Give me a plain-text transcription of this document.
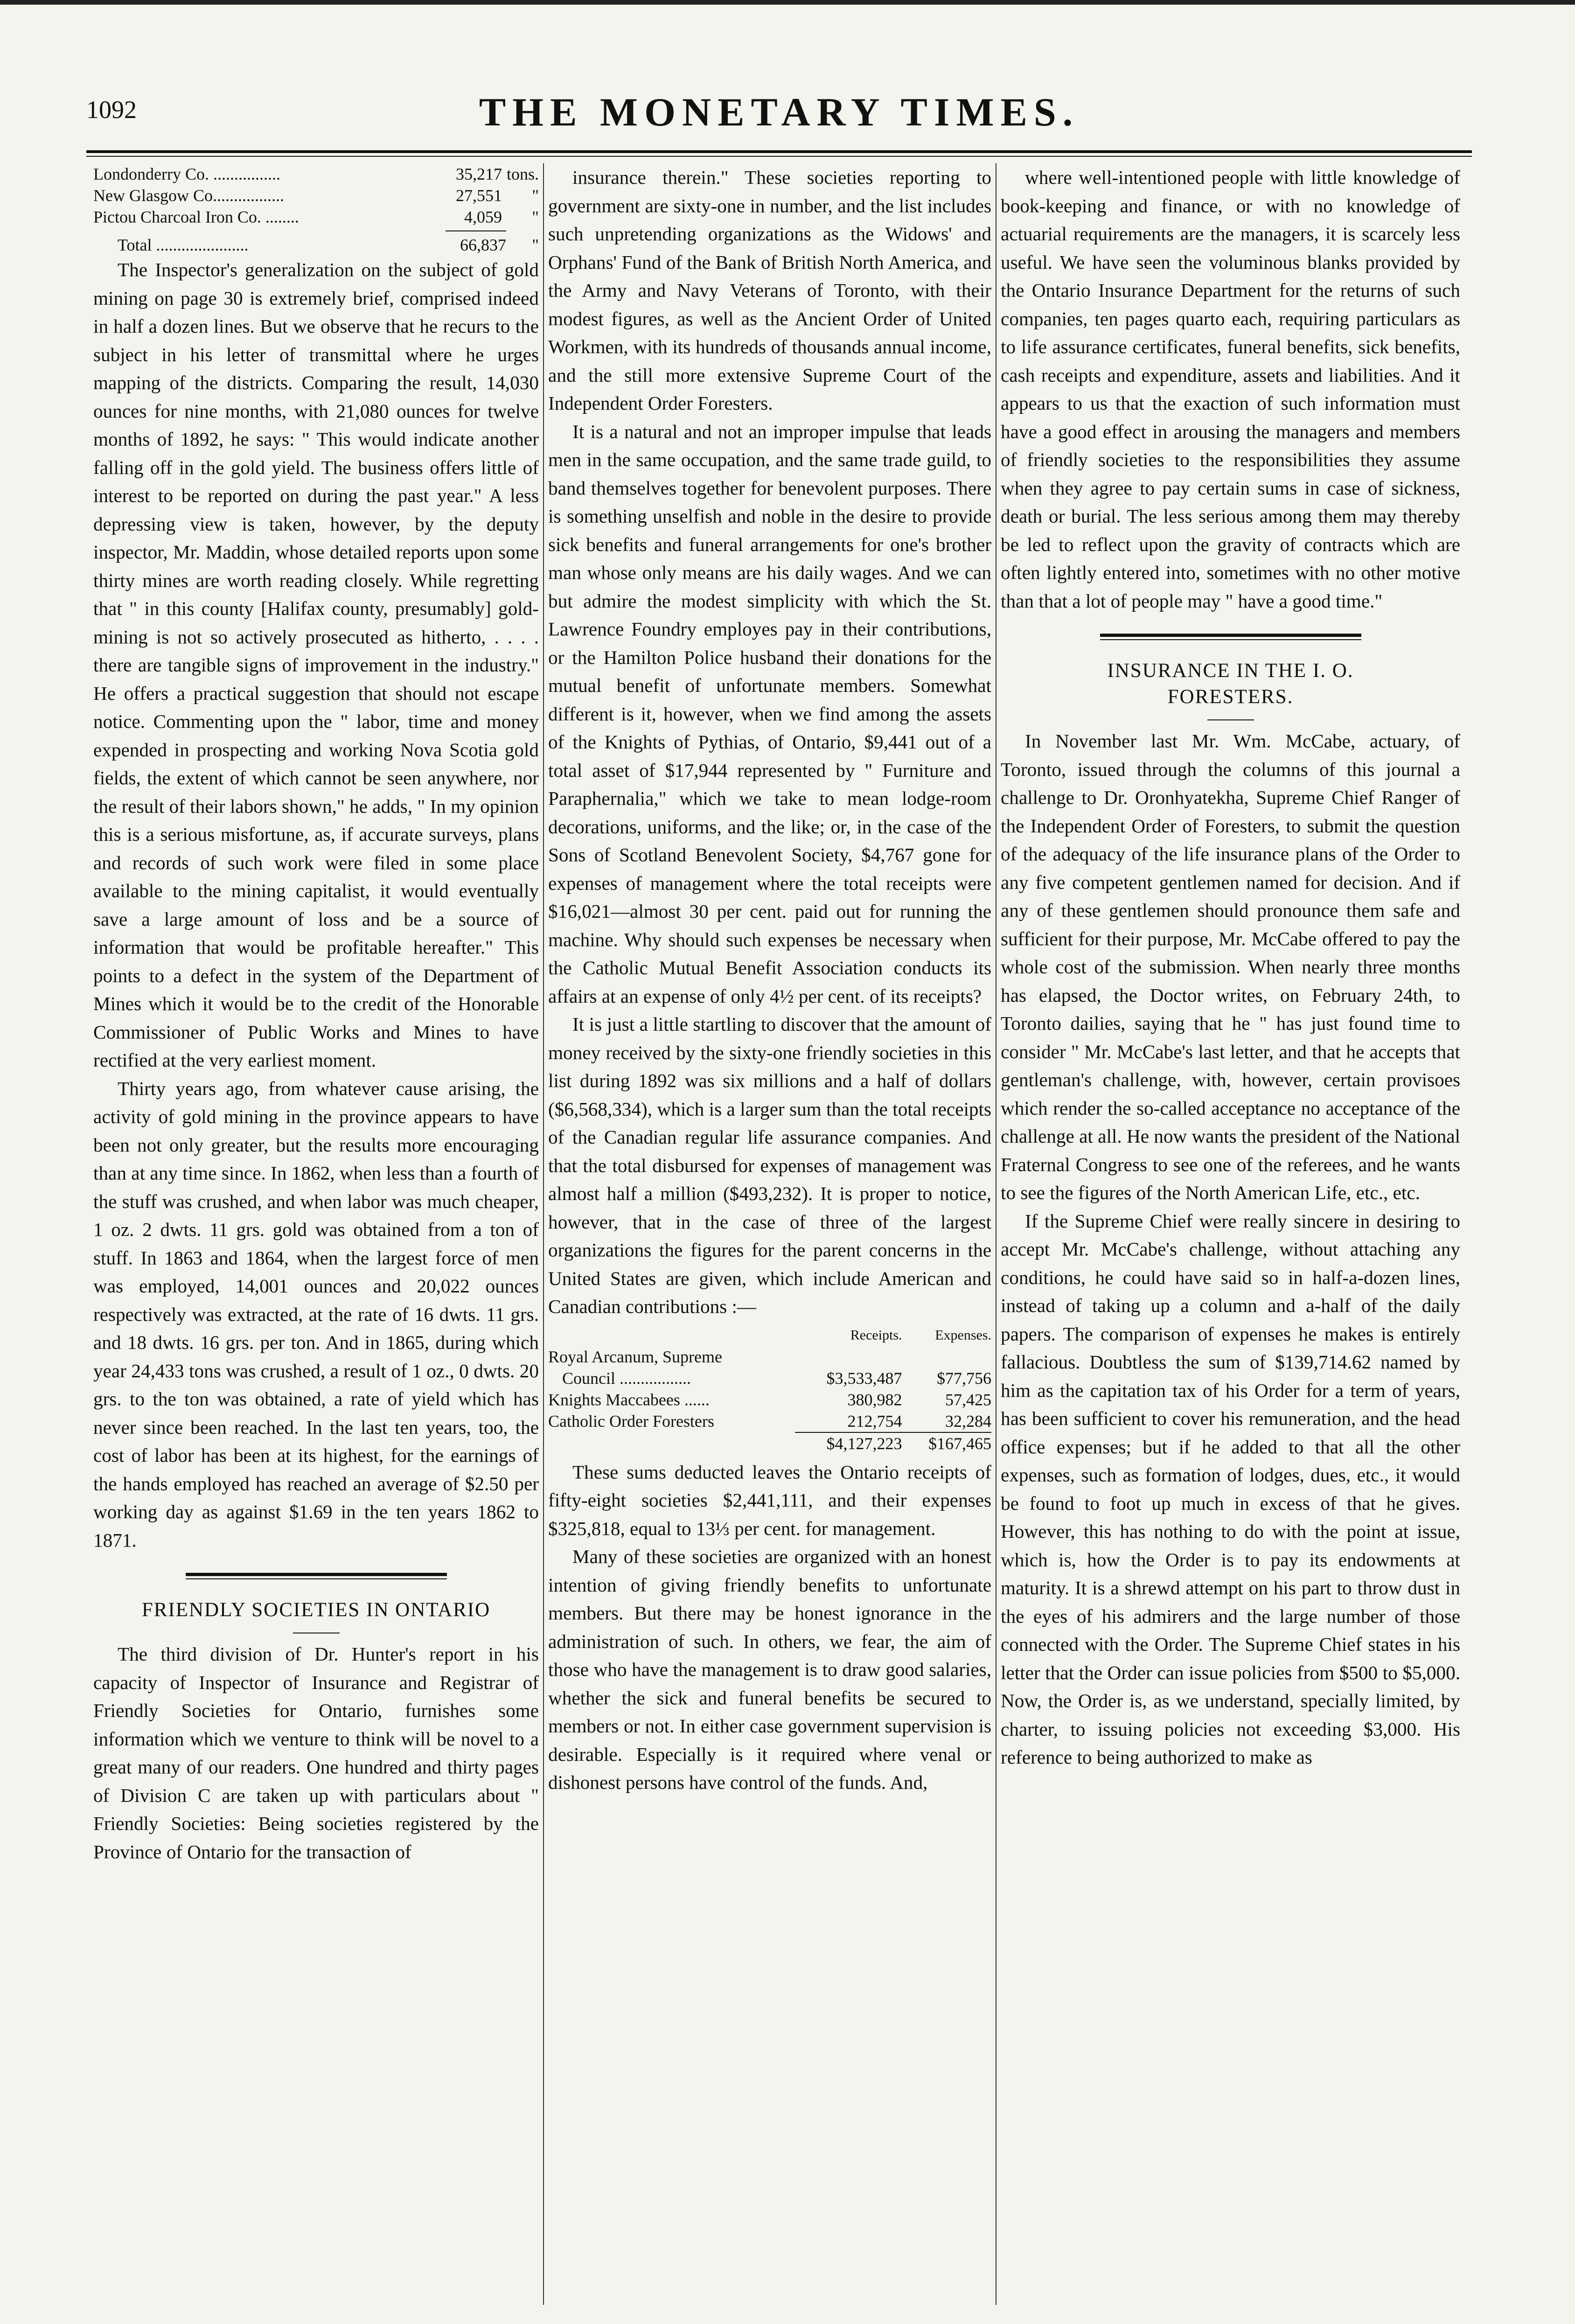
1092	THE MONETARY TIMES.
Londonderry Co. ................	35,217	tons.
New Glasgow Co.................	27,551	"
Pictou Charcoal Iron Co. ........	4,059	"
Total ......................	66,837	"

The Inspector's generalization on the subject of gold mining on page 30 is extremely brief, comprised indeed in half a dozen lines. But we observe that he recurs to the subject in his letter of transmittal where he urges mapping of the districts. Comparing the result, 14,030 ounces for nine months, with 21,080 ounces for twelve months of 1892, he says: " This would indicate another falling off in the gold yield. The business offers little of interest to be reported on during the past year." A less depressing view is taken, however, by the deputy inspector, Mr. Maddin, whose detailed reports upon some thirty mines are worth reading closely. While regretting that " in this county [Halifax county, presumably] gold-mining is not so actively prosecuted as hitherto, . . . . there are tangible signs of improvement in the industry." He offers a practical suggestion that should not escape notice. Commenting upon the " labor, time and money expended in prospecting and working Nova Scotia gold fields, the extent of which cannot be seen anywhere, nor the result of their labors shown," he adds, " In my opinion this is a serious misfortune, as, if accurate surveys, plans and records of such work were filed in some place available to the mining capitalist, it would eventually save a large amount of loss and be a source of information that would be profitable hereafter." This points to a defect in the system of the Department of Mines which it would be to the credit of the Honorable Commissioner of Public Works and Mines to have rectified at the very earliest moment.

Thirty years ago, from whatever cause arising, the activity of gold mining in the province appears to have been not only greater, but the results more encouraging than at any time since. In 1862, when less than a fourth of the stuff was crushed, and when labor was much cheaper, 1 oz. 2 dwts. 11 grs. gold was obtained from a ton of stuff. In 1863 and 1864, when the largest force of men was employed, 14,001 ounces and 20,022 ounces respectively was extracted, at the rate of 16 dwts. 11 grs. and 18 dwts. 16 grs. per ton. And in 1865, during which year 24,433 tons was crushed, a result of 1 oz., 0 dwts. 20 grs. to the ton was obtained, a rate of yield which has never since been reached. In the last ten years, too, the cost of labor has been at its highest, for the earnings of the hands employed has reached an average of $2.50 per working day as against $1.69 in the ten years 1862 to 1871.

FRIENDLY SOCIETIES IN ONTARIO

The third division of Dr. Hunter's report in his capacity of Inspector of Insurance and Registrar of Friendly Societies for Ontario, furnishes some information which we venture to think will be novel to a great many of our readers. One hundred and thirty pages of Division C are taken up with particulars about " Friendly Societies: Being societies registered by the Province of Ontario for the transaction of

insurance therein." These societies reporting to government are sixty-one in number, and the list includes such unpretending organizations as the Widows' and Orphans' Fund of the Bank of British North America, and the Army and Navy Veterans of Toronto, with their modest figures, as well as the Ancient Order of United Workmen, with its hundreds of thousands annual income, and the still more extensive Supreme Court of the Independent Order Foresters.

It is a natural and not an improper impulse that leads men in the same occupation, and the same trade guild, to band themselves together for benevolent purposes. There is something unselfish and noble in the desire to provide sick benefits and funeral arrangements for one's brother man whose only means are his daily wages. And we can but admire the modest simplicity with which the St. Lawrence Foundry employes pay in their contributions, or the Hamilton Police husband their donations for the mutual benefit of unfortunate members. Somewhat different is it, however, when we find among the assets of the Knights of Pythias, of Ontario, $9,441 out of a total asset of $17,944 represented by " Furniture and Paraphernalia," which we take to mean lodge-room decorations, uniforms, and the like; or, in the case of the Sons of Scotland Benevolent Society, $4,767 gone for expenses of management where the total receipts were $16,021—almost 30 per cent. paid out for running the machine. Why should such expenses be necessary when the Catholic Mutual Benefit Association conducts its affairs at an expense of only 4½ per cent. of its receipts?

It is just a little startling to discover that the amount of money received by the sixty-one friendly societies in this list during 1892 was six millions and a half of dollars ($6,568,334), which is a larger sum than the total receipts of the Canadian regular life assurance companies. And that the total disbursed for expenses of management was almost half a million ($493,232). It is proper to notice, however, that in the case of three of the largest organizations the figures for the parent concerns in the United States are given, which include American and Canadian contributions :—

	Receipts.	Expenses.
Royal Arcanum, Supreme		
Council .................	$3,533,487	$77,756
Knights Maccabees ......	380,982	57,425
Catholic Order Foresters	212,754	32,284
	$4,127,223	$167,465

These sums deducted leaves the Ontario receipts of fifty-eight societies $2,441,111, and their expenses $325,818, equal to 13⅓ per cent. for management.

Many of these societies are organized with an honest intention of giving friendly benefits to unfortunate members. But there may be honest ignorance in the administration of such. In others, we fear, the aim of those who have the management is to draw good salaries, whether the sick and funeral benefits be secured to members or not. In either case government supervision is desirable. Especially is it required where venal or dishonest persons have control of the funds. And,

where well-intentioned people with little knowledge of book-keeping and finance, or with no knowledge of actuarial requirements are the managers, it is scarcely less useful. We have seen the voluminous blanks provided by the Ontario Insurance Department for the returns of such companies, ten pages quarto each, requiring particulars as to life assurance certificates, funeral benefits, sick benefits, cash receipts and expenditure, assets and liabilities. And it appears to us that the exaction of such information must have a good effect in arousing the managers and members of friendly societies to the responsibilities they assume when they agree to pay certain sums in case of sickness, death or burial. The less serious among them may thereby be led to reflect upon the gravity of contracts which are often lightly entered into, sometimes with no other motive than that a lot of people may " have a good time."

INSURANCE IN THE I. O.
FORESTERS.

In November last Mr. Wm. McCabe, actuary, of Toronto, issued through the columns of this journal a challenge to Dr. Oronhyatekha, Supreme Chief Ranger of the Independent Order of Foresters, to submit the question of the adequacy of the life insurance plans of the Order to any five competent gentlemen named for decision. And if any of these gentlemen should pronounce them safe and sufficient for their purpose, Mr. McCabe offered to pay the whole cost of the submission. When nearly three months has elapsed, the Doctor writes, on February 24th, to Toronto dailies, saying that he " has just found time to consider " Mr. McCabe's last letter, and that he accepts that gentleman's challenge, with, however, certain provisoes which render the so-called acceptance no acceptance of the challenge at all. He now wants the president of the National Fraternal Congress to see one of the referees, and he wants to see the figures of the North American Life, etc., etc.

If the Supreme Chief were really sincere in desiring to accept Mr. McCabe's challenge, without attaching any conditions, he could have said so in half-a-dozen lines, instead of taking up a column and a-half of the daily papers. The comparison of expenses he makes is entirely fallacious. Doubtless the sum of $139,714.62 named by him as the capitation tax of his Order for a term of years, has been sufficient to cover his remuneration, and the head office expenses; but if he added to that all the other expenses, such as formation of lodges, dues, etc., it would be found to foot up much in excess of that he gives. However, this has nothing to do with the point at issue, which is, how the Order is to pay its endowments at maturity. It is a shrewd attempt on his part to throw dust in the eyes of his admirers and the large number of those connected with the Order. The Supreme Chief states in his letter that the Order can issue policies from $500 to $5,000. Now, the Order is, as we understand, specially limited, by charter, to issuing policies not exceeding $3,000. His reference to being authorized to make as
